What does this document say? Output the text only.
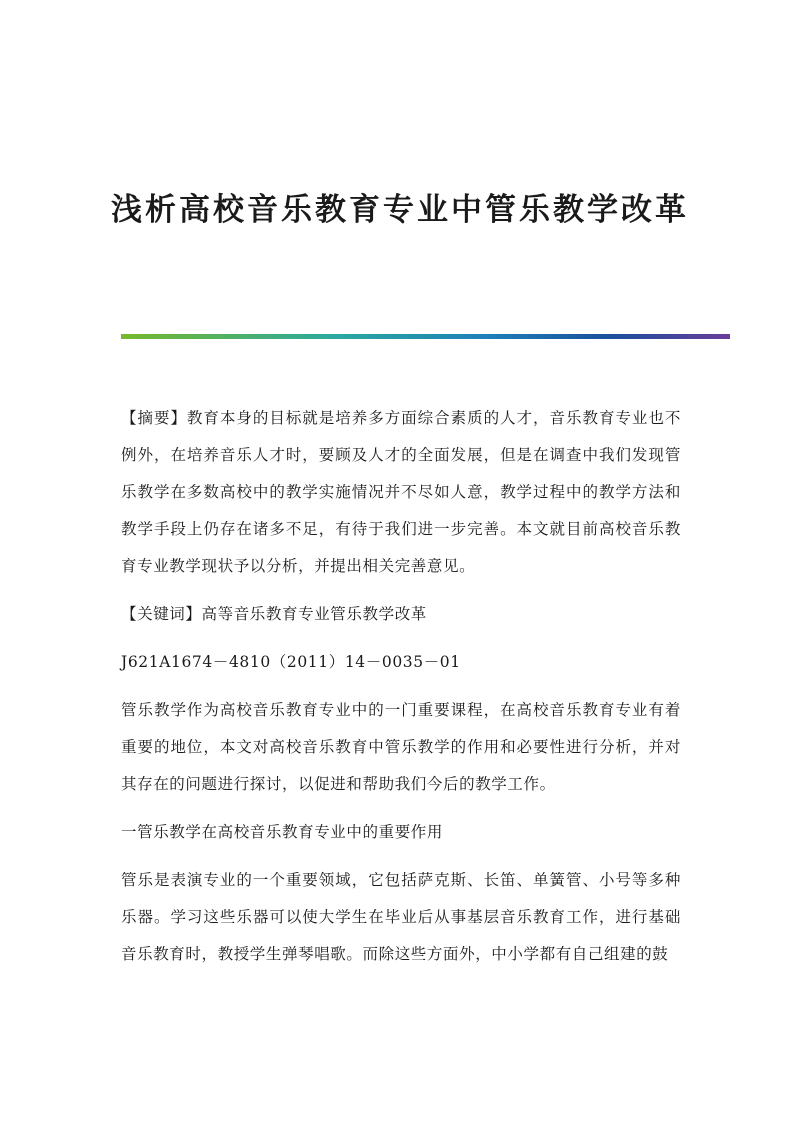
浅析高校音乐教育专业中管乐教学改革

【摘要】教育本身的目标就是培养多方面综合素质的人才，音乐教育专业也不例外，在培养音乐人才时，要顾及人才的全面发展，但是在调查中我们发现管乐教学在多数高校中的教学实施情况并不尽如人意，教学过程中的教学方法和教学手段上仍存在诸多不足，有待于我们进一步完善。本文就目前高校音乐教育专业教学现状予以分析，并提出相关完善意见。

【关键词】高等音乐教育专业管乐教学改革

J621A1674－4810（2011）14－0035－01

管乐教学作为高校音乐教育专业中的一门重要课程，在高校音乐教育专业有着重要的地位，本文对高校音乐教育中管乐教学的作用和必要性进行分析，并对其存在的问题进行探讨，以促进和帮助我们今后的教学工作。

一管乐教学在高校音乐教育专业中的重要作用

管乐是表演专业的一个重要领域，它包括萨克斯、长笛、单簧管、小号等多种乐器。学习这些乐器可以使大学生在毕业后从事基层音乐教育工作，进行基础音乐教育时，教授学生弹琴唱歌。而除这些方面外，中小学都有自己组建的鼓
